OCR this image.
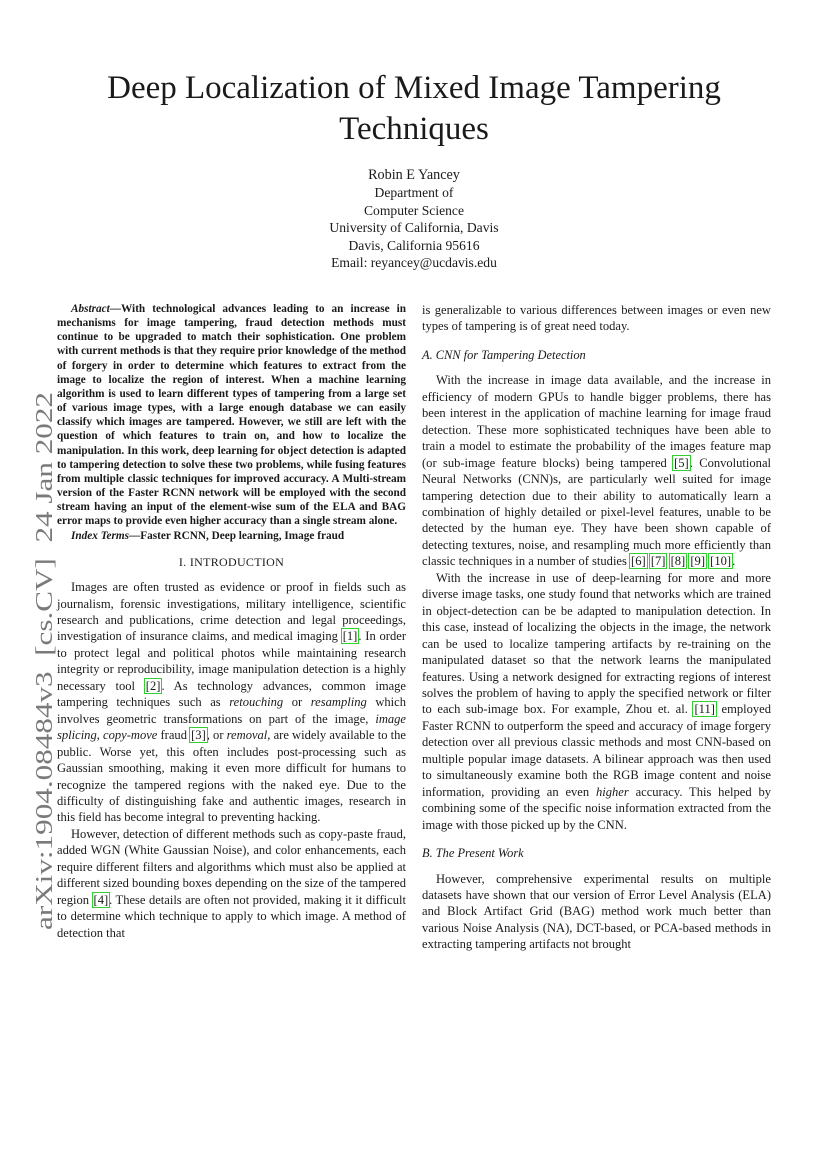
arXiv:1904.08484v3  [cs.CV]  24 Jan 2022
Deep Localization of Mixed Image Tampering Techniques
Robin E Yancey
Department of
Computer Science
University of California, Davis
Davis, California 95616
Email: reyancey@ucdavis.edu

Abstract—With technological advances leading to an increase in mechanisms for image tampering, fraud detection methods must continue to be upgraded to match their sophistication. One problem with current methods is that they require prior knowledge of the method of forgery in order to determine which features to extract from the image to localize the region of interest. When a machine learning algorithm is used to learn different types of tampering from a large set of various image types, with a large enough database we can easily classify which images are tampered. However, we still are left with the question of which features to train on, and how to localize the manipulation. In this work, deep learning for object detection is adapted to tampering detection to solve these two problems, while fusing features from multiple classic techniques for improved accuracy. A Multi-stream version of the Faster RCNN network will be employed with the second stream having an input of the element-wise sum of the ELA and BAG error maps to provide even higher accuracy than a single stream alone.

Index Terms—Faster RCNN, Deep learning, Image fraud

I. INTRODUCTION

Images are often trusted as evidence or proof in fields such as journalism, forensic investigations, military intelligence, scientific research and publications, crime detection and legal proceedings, investigation of insurance claims, and medical imaging [1]. In order to protect legal and political photos while maintaining research integrity or reproducibility, image manipulation detection is a highly necessary tool [2]. As technology advances, common image tampering techniques such as retouching or resampling which involves geometric transformations on part of the image, image splicing, copy-move fraud [3], or removal, are widely available to the public. Worse yet, this often includes post-processing such as Gaussian smoothing, making it even more difficult for humans to recognize the tampered regions with the naked eye. Due to the difficulty of distinguishing fake and authentic images, research in this field has become integral to preventing hacking.

However, detection of different methods such as copy-paste fraud, added WGN (White Gaussian Noise), and color enhancements, each require different filters and algorithms which must also be applied at different sized bounding boxes depending on the size of the tampered region [4]. These details are often not provided, making it it difficult to determine which technique to apply to which image. A method of detection that

is generalizable to various differences between images or even new types of tampering is of great need today.

A. CNN for Tampering Detection

With the increase in image data available, and the increase in efficiency of modern GPUs to handle bigger problems, there has been interest in the application of machine learning for image fraud detection. These more sophisticated techniques have been able to train a model to estimate the probability of the images feature map (or sub-image feature blocks) being tampered [5]. Convolutional Neural Networks (CNN)s, are particularly well suited for image tampering detection due to their ability to automatically learn a combination of highly detailed or pixel-level features, unable to be detected by the human eye. They have been shown capable of detecting textures, noise, and resampling much more efficiently than classic techniques in a number of studies [6] [7] [8] [9] [10].

With the increase in use of deep-learning for more and more diverse image tasks, one study found that networks which are trained in object-detection can be be adapted to manipulation detection. In this case, instead of localizing the objects in the image, the network can be used to localize tampering artifacts by re-training on the manipulated dataset so that the network learns the manipulated features. Using a network designed for extracting regions of interest solves the problem of having to apply the specified network or filter to each sub-image box. For example, Zhou et. al. [11] employed Faster RCNN to outperform the speed and accuracy of image forgery detection over all previous classic methods and most CNN-based on multiple popular image datasets. A bilinear approach was then used to simultaneously examine both the RGB image content and noise information, providing an even higher accuracy. This helped by combining some of the specific noise information extracted from the image with those picked up by the CNN.

B. The Present Work

However, comprehensive experimental results on multiple datasets have shown that our version of Error Level Analysis (ELA) and Block Artifact Grid (BAG) method work much better than various Noise Analysis (NA), DCT-based, or PCA-based methods in extracting tampering artifacts not brought
